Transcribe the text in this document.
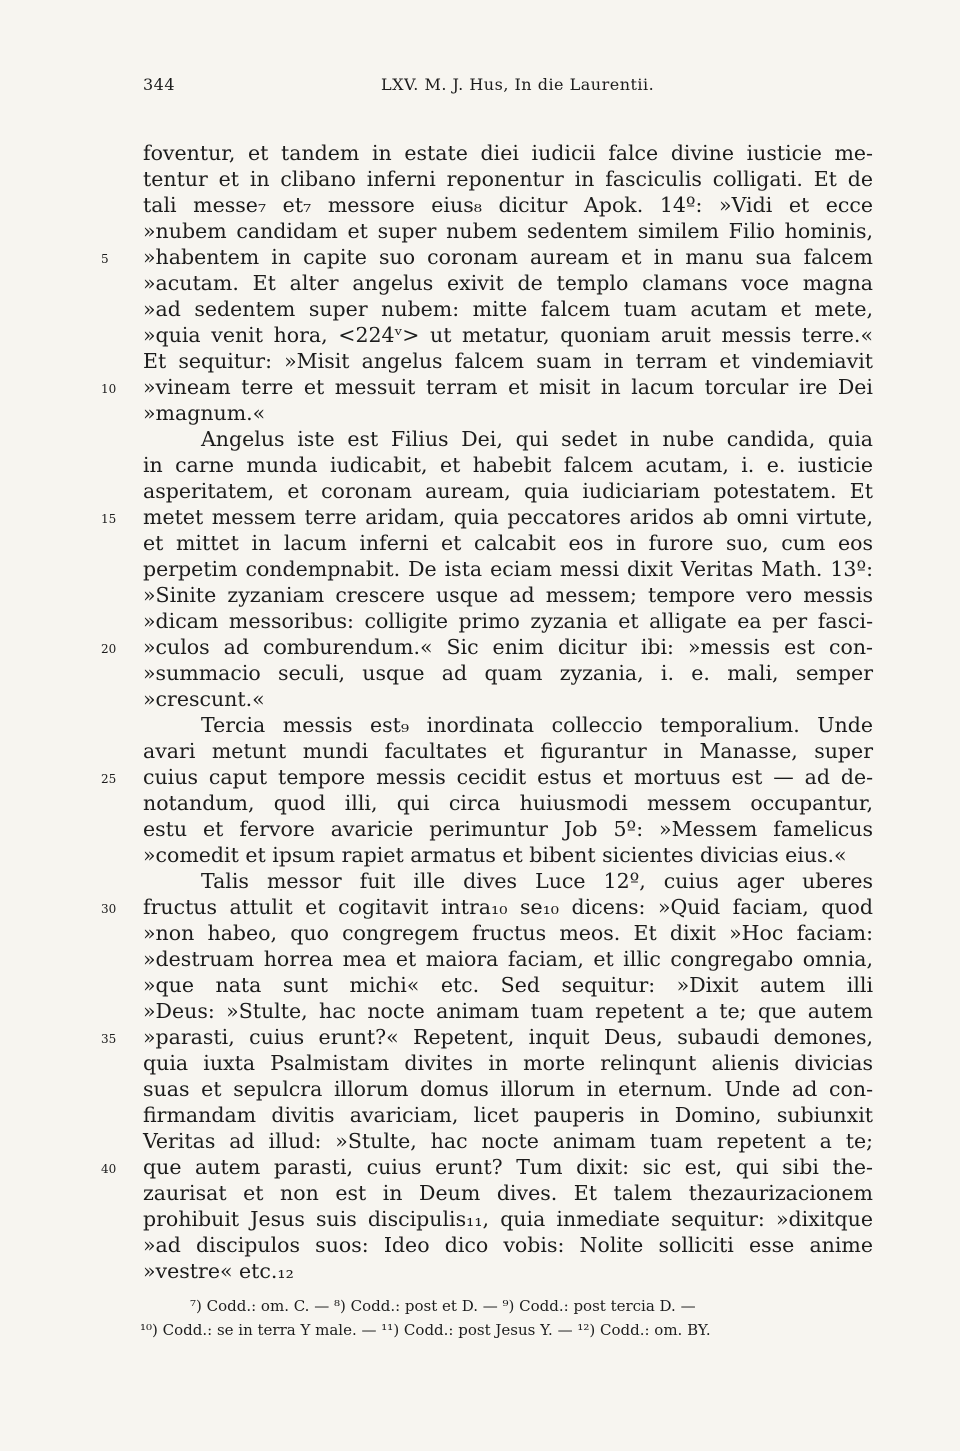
344	LXV. M. J. Hus, In die Laurentii.
foventur, et tandem in estate diei iudicii falce divine iusticie me-
tentur et in clibano inferni reponentur in fasciculis colligati. Et de
tali messe₇ et₇ messore eius₈ dicitur Apok. 14º: »Vidi et ecce
»nubem candidam et super nubem sedentem similem Filio hominis,
5	»habentem in capite suo coronam auream et in manu sua falcem
»acutam. Et alter angelus exivit de templo clamans voce magna
»ad sedentem super nubem: mitte falcem tuam acutam et mete,
»quia venit hora, <224ᵛ> ut metatur, quoniam aruit messis terre.«
Et sequitur: »Misit angelus falcem suam in terram et vindemiavit
10	»vineam terre et messuit terram et misit in lacum torcular ire Dei
»magnum.«
Angelus iste est Filius Dei, qui sedet in nube candida, quia
in carne munda iudicabit, et habebit falcem acutam, i. e. iusticie
asperitatem, et coronam auream, quia iudiciariam potestatem. Et
15	metet messem terre aridam, quia peccatores aridos ab omni virtute,
et mittet in lacum inferni et calcabit eos in furore suo, cum eos
perpetim condempnabit. De ista eciam messi dixit Veritas Math. 13º:
»Sinite zyzaniam crescere usque ad messem; tempore vero messis
»dicam messoribus: colligite primo zyzania et alligate ea per fasci-
20	»culos ad comburendum.« Sic enim dicitur ibi: »messis est con-
»summacio seculi, usque ad quam zyzania, i. e. mali, semper
»crescunt.«
Tercia messis est₉ inordinata colleccio temporalium. Unde
avari metunt mundi facultates et figurantur in Manasse, super
25	cuius caput tempore messis cecidit estus et mortuus est — ad de-
notandum, quod illi, qui circa huiusmodi messem occupantur,
estu et fervore avaricie perimuntur Job 5º: »Messem famelicus
»comedit et ipsum rapiet armatus et bibent sicientes divicias eius.«
Talis messor fuit ille dives Luce 12º, cuius ager uberes
30	fructus attulit et cogitavit intra₁₀ se₁₀ dicens: »Quid faciam, quod
»non habeo, quo congregem fructus meos. Et dixit »Hoc faciam:
»destruam horrea mea et maiora faciam, et illic congregabo omnia,
»que nata sunt michi« etc. Sed sequitur: »Dixit autem illi
»Deus: »Stulte, hac nocte animam tuam repetent a te; que autem
35	»parasti, cuius erunt?« Repetent, inquit Deus, subaudi demones,
quia iuxta Psalmistam divites in morte relinqunt alienis divicias
suas et sepulcra illorum domus illorum in eternum. Unde ad con-
firmandam divitis avariciam, licet pauperis in Domino, subiunxit
Veritas ad illud: »Stulte, hac nocte animam tuam repetent a te;
40	que autem parasti, cuius erunt? Tum dixit: sic est, qui sibi the-
zaurisat et non est in Deum dives. Et talem thezaurizacionem
prohibuit Jesus suis discipulis₁₁, quia inmediate sequitur: »dixitque
»ad discipulos suos: Ideo dico vobis: Nolite solliciti esse anime
»vestre« etc.₁₂
⁷) Codd.: om. C. — ⁸) Codd.: post et D. — ⁹) Codd.: post tercia D. —
¹⁰) Codd.: se in terra Y male. — ¹¹) Codd.: post Jesus Y. — ¹²) Codd.: om. BY.
